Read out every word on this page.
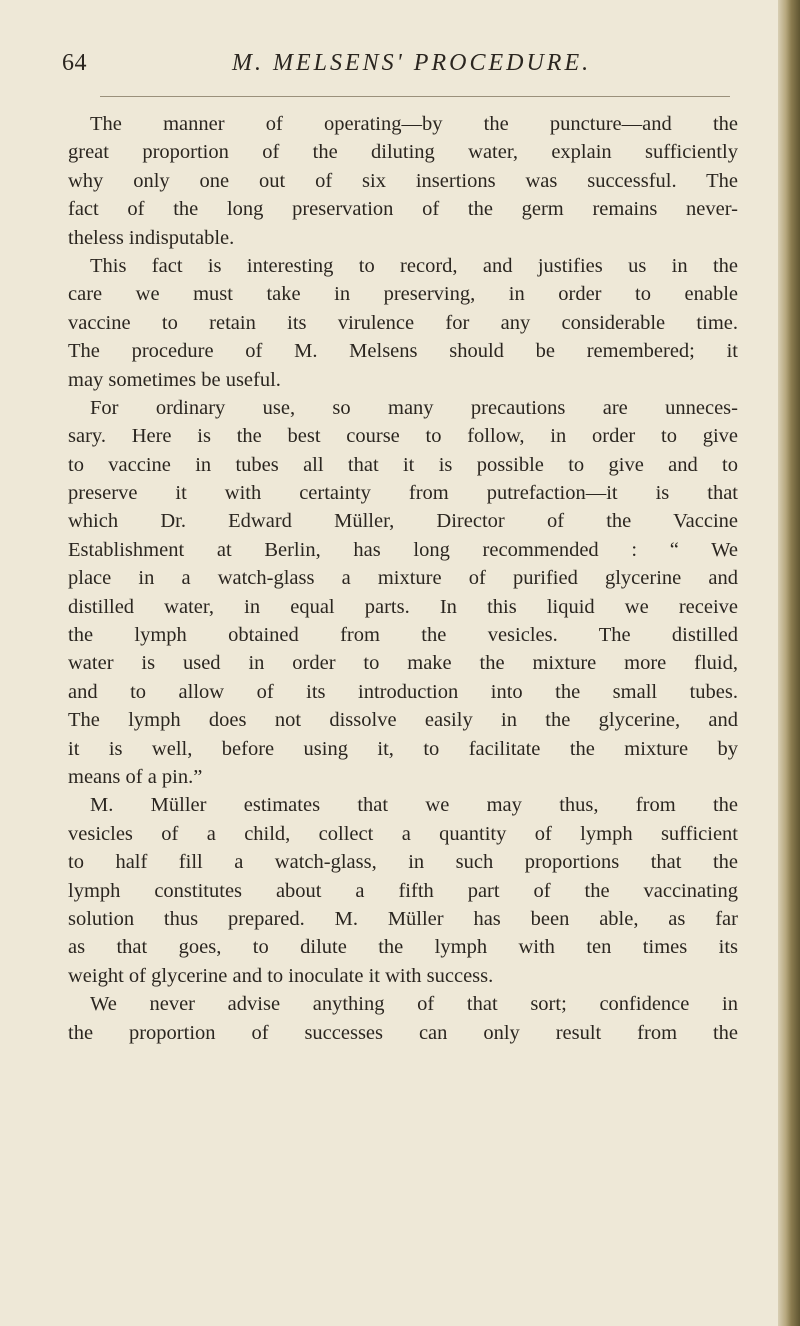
64	M. MELSENS' PROCEDURE.
The manner of operating—by the puncture—and the
great proportion of the diluting water, explain sufficiently
why only one out of six insertions was successful. The
fact of the long preservation of the germ remains never-
theless indisputable.
This fact is interesting to record, and justifies us in the
care we must take in preserving, in order to enable
vaccine to retain its virulence for any considerable time.
The procedure of M. Melsens should be remembered; it
may sometimes be useful.
For ordinary use, so many precautions are unneces-
sary. Here is the best course to follow, in order to give
to vaccine in tubes all that it is possible to give and to
preserve it with certainty from putrefaction—it is that
which Dr. Edward Müller, Director of the Vaccine
Establishment at Berlin, has long recommended : “ We
place in a watch-glass a mixture of purified glycerine and
distilled water, in equal parts. In this liquid we receive
the lymph obtained from the vesicles. The distilled
water is used in order to make the mixture more fluid,
and to allow of its introduction into the small tubes.
The lymph does not dissolve easily in the glycerine, and
it is well, before using it, to facilitate the mixture by
means of a pin.”
M. Müller estimates that we may thus, from the
vesicles of a child, collect a quantity of lymph sufficient
to half fill a watch-glass, in such proportions that the
lymph constitutes about a fifth part of the vaccinating
solution thus prepared. M. Müller has been able, as far
as that goes, to dilute the lymph with ten times its
weight of glycerine and to inoculate it with success.
We never advise anything of that sort; confidence in
the proportion of successes can only result from the
